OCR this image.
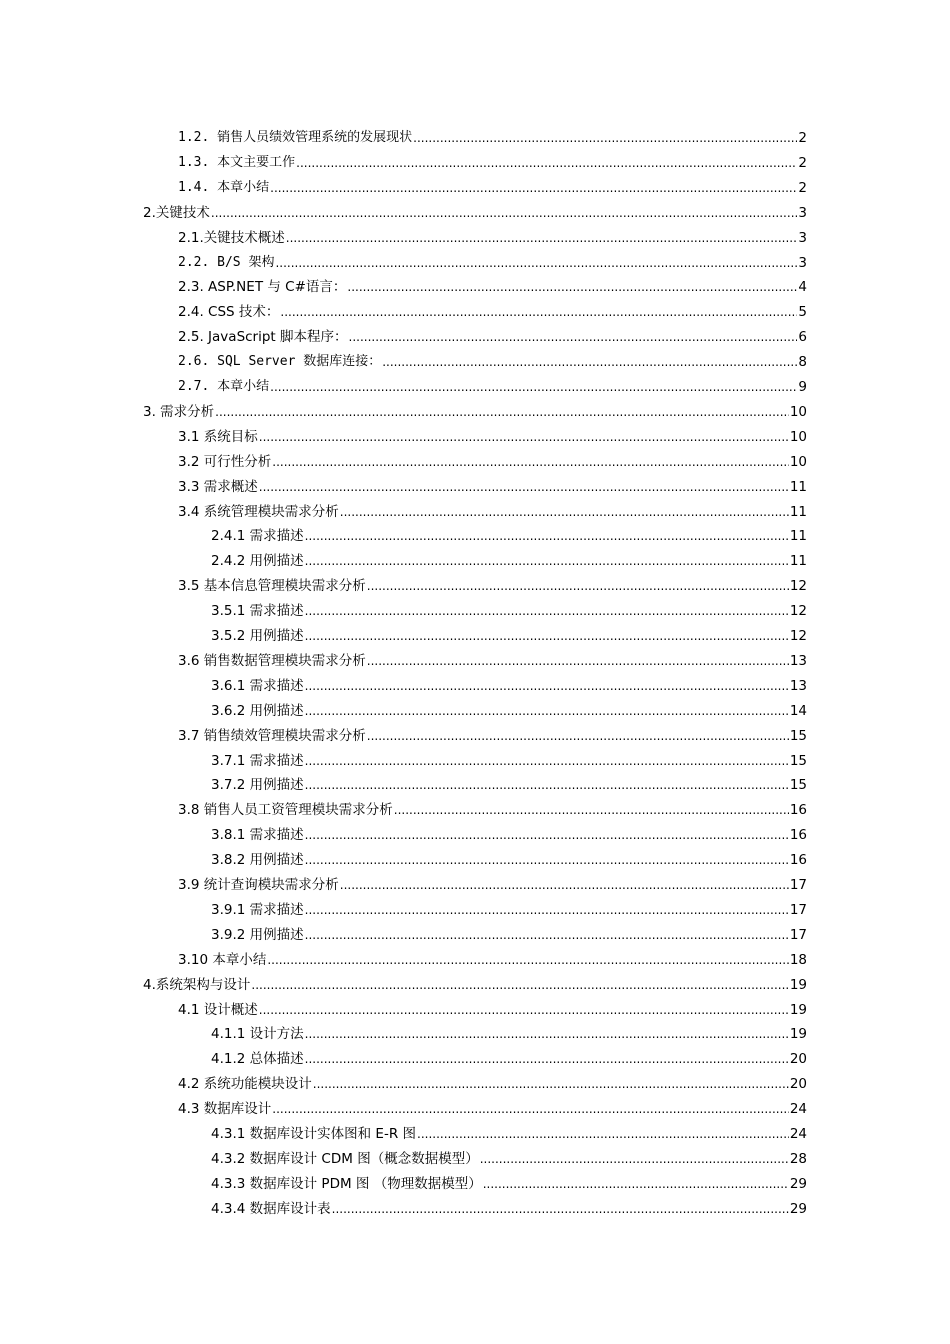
1.2. 销售人员绩效管理系统的发展现状 .....	2
1.3. 本文主要工作 .....	2
1.4. 本章小结 .....	2
2.关键技术 .....	3
2.1.关键技术概述 .....	3
2.2. B/S 架构 .....	3
2.3. ASP.NET 与 C#语言： .....	4
2.4. CSS 技术： .....	5
2.5. JavaScript 脚本程序： .....	6
2.6. SQL Server 数据库连接： .....	8
2.7. 本章小结 .....	9
3. 需求分析 .....	10
3.1 系统目标 .....	10
3.2 可行性分析 .....	10
3.3 需求概述 .....	11
3.4 系统管理模块需求分析 .....	11
2.4.1 需求描述 .....	11
2.4.2 用例描述 .....	11
3.5 基本信息管理模块需求分析 .....	12
3.5.1 需求描述 .....	12
3.5.2 用例描述 .....	12
3.6 销售数据管理模块需求分析 .....	13
3.6.1 需求描述 .....	13
3.6.2 用例描述 .....	14
3.7 销售绩效管理模块需求分析 .....	15
3.7.1 需求描述 .....	15
3.7.2 用例描述 .....	15
3.8 销售人员工资管理模块需求分析 .....	16
3.8.1 需求描述 .....	16
3.8.2 用例描述 .....	16
3.9 统计查询模块需求分析 .....	17
3.9.1 需求描述 .....	17
3.9.2 用例描述 .....	17
3.10 本章小结 .....	18
4.系统架构与设计 .....	19
4.1 设计概述 .....	19
4.1.1 设计方法 .....	19
4.1.2 总体描述 .....	20
4.2 系统功能模块设计 .....	20
4.3 数据库设计 .....	24
4.3.1 数据库设计实体图和 E-R 图 .....	24
4.3.2 数据库设计 CDM 图（概念数据模型） .....	28
4.3.3 数据库设计 PDM 图 （物理数据模型） .....	29
4.3.4 数据库设计表 .....	29
